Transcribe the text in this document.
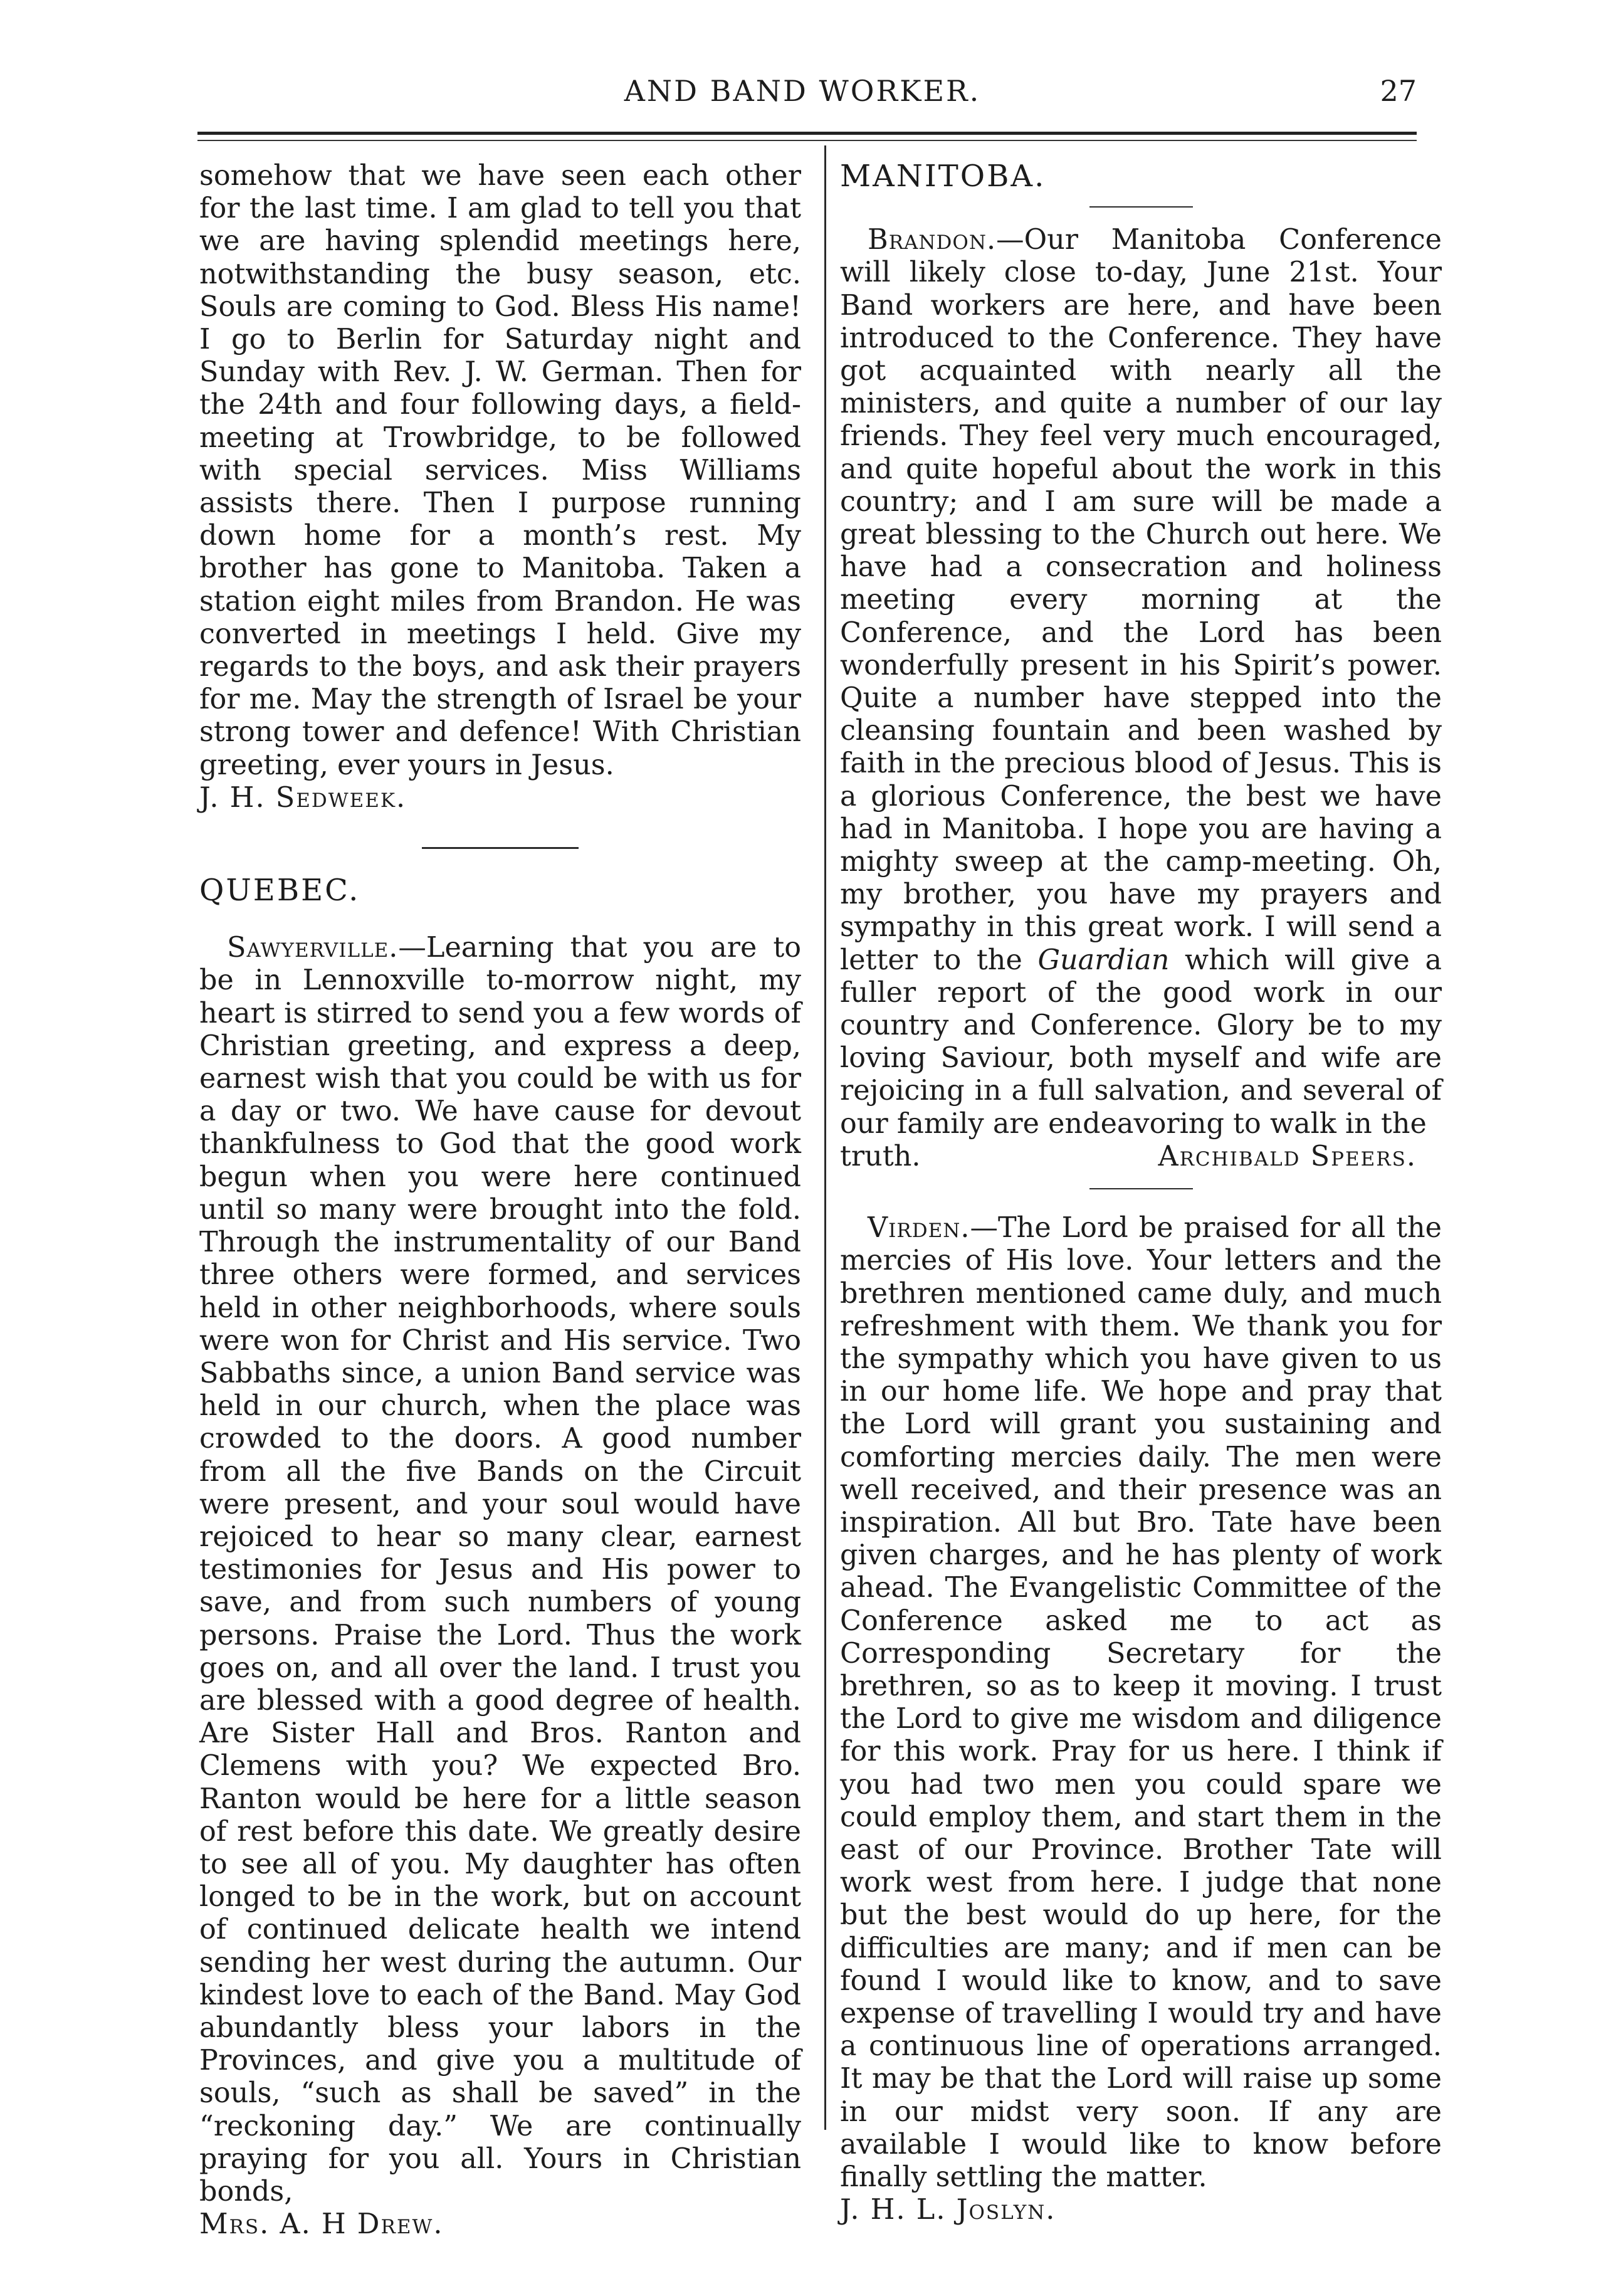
AND BAND WORKER.	27

somehow that we have seen each other for the last time. I am glad to tell you that we are having splendid meetings here, notwithstanding the busy season, etc. Souls are coming to God. Bless His name! I go to Berlin for Saturday night and Sunday with Rev. J. W. German. Then for the 24th and four following days, a field-meeting at Trowbridge, to be followed with special services. Miss Williams assists there. Then I purpose running down home for a month’s rest. My brother has gone to Manitoba. Taken a station eight miles from Brandon. He was converted in meetings I held. Give my regards to the boys, and ask their prayers for me. May the strength of Israel be your strong tower and defence! With Christian greeting, ever yours in Jesus.

J. H. Sedweek.

QUEBEC.

Sawyerville.—Learning that you are to be in Lennoxville to-morrow night, my heart is stirred to send you a few words of Christian greeting, and express a deep, earnest wish that you could be with us for a day or two. We have cause for devout thankfulness to God that the good work begun when you were here continued until so many were brought into the fold. Through the instrumentality of our Band three others were formed, and services held in other neighborhoods, where souls were won for Christ and His service. Two Sabbaths since, a union Band service was held in our church, when the place was crowded to the doors. A good number from all the five Bands on the Circuit were present, and your soul would have rejoiced to hear so many clear, earnest testimonies for Jesus and His power to save, and from such numbers of young persons. Praise the Lord. Thus the work goes on, and all over the land. I trust you are blessed with a good degree of health. Are Sister Hall and Bros. Ranton and Clemens with you? We expected Bro. Ranton would be here for a little season of rest before this date. We greatly desire to see all of you. My daughter has often longed to be in the work, but on account of continued delicate health we intend sending her west during the autumn. Our kindest love to each of the Band. May God abundantly bless your labors in the Provinces, and give you a multitude of souls, “such as shall be saved” in the “reckoning day.” We are continually praying for you all. Yours in Christian bonds,

Mrs. A. H Drew.

MANITOBA.

Brandon.—Our Manitoba Conference will likely close to-day, June 21st. Your Band workers are here, and have been introduced to the Conference. They have got acquainted with nearly all the ministers, and quite a number of our lay friends. They feel very much encouraged, and quite hopeful about the work in this country; and I am sure will be made a great blessing to the Church out here. We have had a consecration and holiness meeting every morning at the Conference, and the Lord has been wonderfully present in his Spirit’s power. Quite a number have stepped into the cleansing fountain and been washed by faith in the precious blood of Jesus. This is a glorious Conference, the best we have had in Manitoba. I hope you are having a mighty sweep at the camp-meeting. Oh, my brother, you have my prayers and sympathy in this great work. I will send a letter to the Guardian which will give a fuller report of the good work in our country and Conference. Glory be to my loving Saviour, both myself and wife are rejoicing in a full salvation, and several of our family are endeavoring to walk in the

truth.	Archibald Speers.

Virden.—The Lord be praised for all the mercies of His love. Your letters and the brethren mentioned came duly, and much refreshment with them. We thank you for the sympathy which you have given to us in our home life. We hope and pray that the Lord will grant you sustaining and comforting mercies daily. The men were well received, and their presence was an inspiration. All but Bro. Tate have been given charges, and he has plenty of work ahead. The Evangelistic Committee of the Conference asked me to act as Corresponding Secretary for the brethren, so as to keep it moving. I trust the Lord to give me wisdom and diligence for this work. Pray for us here. I think if you had two men you could spare we could employ them, and start them in the east of our Province. Brother Tate will work west from here. I judge that none but the best would do up here, for the difficulties are many; and if men can be found I would like to know, and to save expense of travelling I would try and have a continuous line of operations arranged. It may be that the Lord will raise up some in our midst very soon. If any are available I would like to know before finally settling the matter.

J. H. L. Joslyn.
